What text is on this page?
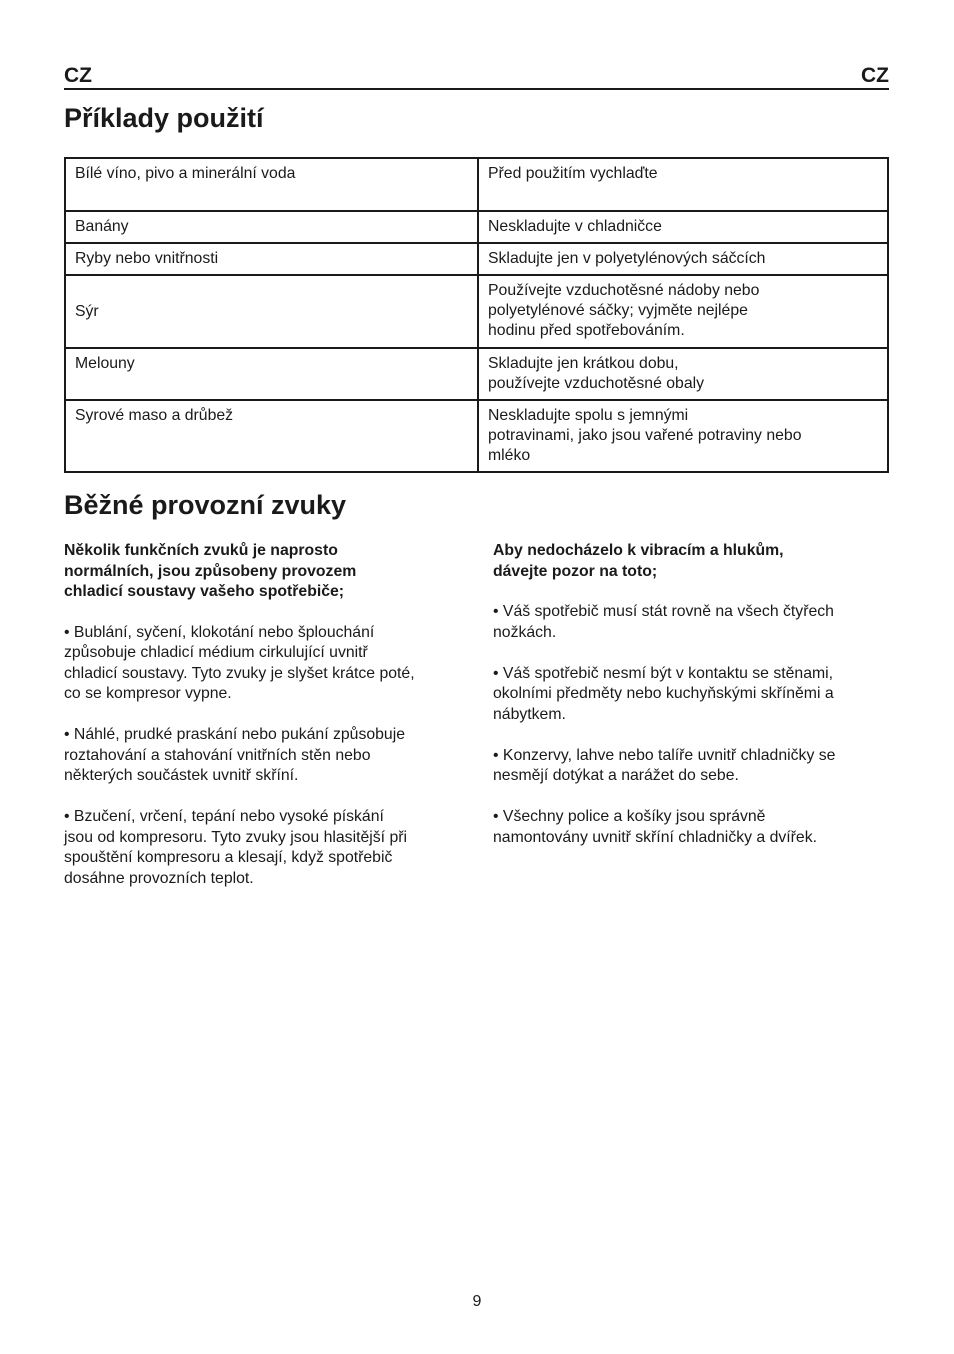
CZ	CZ
Příklady použití
Bílé víno, pivo a minerální voda	Před použitím vychlaďte
Banány	Neskladujte v chladničce
Ryby nebo vnitřnosti	Skladujte jen v polyetylénových sáčcích
Sýr	Používejte vzduchotěsné nádoby nebo
polyetylénové sáčky; vyjměte nejlépe
hodinu před spotřebováním.
Melouny	Skladujte jen krátkou dobu,
používejte vzduchotěsné obaly
Syrové maso a drůbež	Neskladujte spolu s jemnými
potravinami, jako jsou vařené potraviny nebo
mléko
Běžné provozní zvuky
Několik funkčních zvuků je naprosto
normálních, jsou způsobeny provozem
chladicí soustavy vašeho spotřebiče;

• Bublání, syčení, klokotání nebo šplouchání
způsobuje chladicí médium cirkulující uvnitř
chladicí soustavy. Tyto zvuky je slyšet krátce poté,
co se kompresor vypne.

• Náhlé, prudké praskání nebo pukání způsobuje
roztahování a stahování vnitřních stěn nebo
některých součástek uvnitř skříní.

• Bzučení, vrčení, tepání nebo vysoké pískání
jsou od kompresoru. Tyto zvuky jsou hlasitější při
spouštění kompresoru a klesají, když spotřebič
dosáhne provozních teplot.

Aby nedocházelo k vibracím a hlukům,
dávejte pozor na toto;

• Váš spotřebič musí stát rovně na všech čtyřech
nožkách.

• Váš spotřebič nesmí být v kontaktu se stěnami,
okolními předměty nebo kuchyňskými skříněmi a
nábytkem.

• Konzervy, lahve nebo talíře uvnitř chladničky se
nesmějí dotýkat a narážet do sebe.

• Všechny police a košíky jsou správně
namontovány uvnitř skříní chladničky a dvířek.

9
